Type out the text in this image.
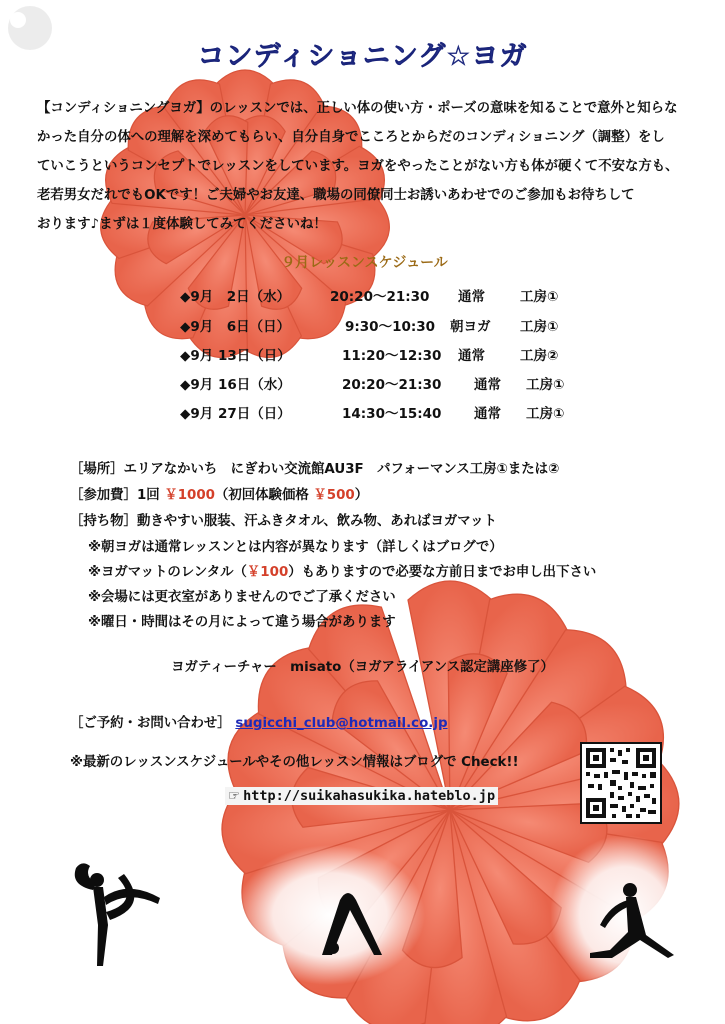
コンディショニング☆ヨガ
【コンディショニングヨガ】のレッスンでは、正しい体の使い方・ポーズの意味を知ることで意外と知らな
かった自分の体への理解を深めてもらい、自分自身でこころとからだのコンディショニング（調整）をし
ていこうというコンセプトでレッスンをしています。ヨガをやったことがない方も体が硬くて不安な方も、
老若男女だれでもOKです！ご夫婦やお友達、職場の同僚同士お誘いあわせでのご参加もお待ちして
おります♪まずは１度体験してみてくださいね！
９月レッスンスケジュール
◆9月　2日（水）	20:20〜21:30 通常	工房①
◆9月　6日（日）	9:30〜10:30 朝ヨガ 工房①
◆9月 13日（日）	11:20〜12:30 通常	工房②
◆9月 16日（水）	20:20〜21:30 通常 工房①
◆9月 27日（日）	14:30〜15:40 通常 工房①
［場所］エリアなかいち　にぎわい交流館AU3F　パフォーマンス工房①または②
［参加費］1回 ￥1000（初回体験価格 ￥500）
［持ち物］動きやすい服装、汗ふきタオル、飲み物、あればヨガマット
※朝ヨガは通常レッスンとは内容が異なります（詳しくはブログで）
※ヨガマットのレンタル（￥100）もありますので必要な方前日までお申し出下さい
※会場には更衣室がありませんのでご了承ください
※曜日・時間はその月によって違う場合があります
ヨガティーチャー　misato（ヨガアライアンス認定講座修了）
［ご予約・お問い合わせ］ sugicchi_club@hotmail.co.jp
※最新のレッスンスケジュールやその他レッスン情報はブログで Check!!
☞ http://suikahasukika.hateblo.jp
